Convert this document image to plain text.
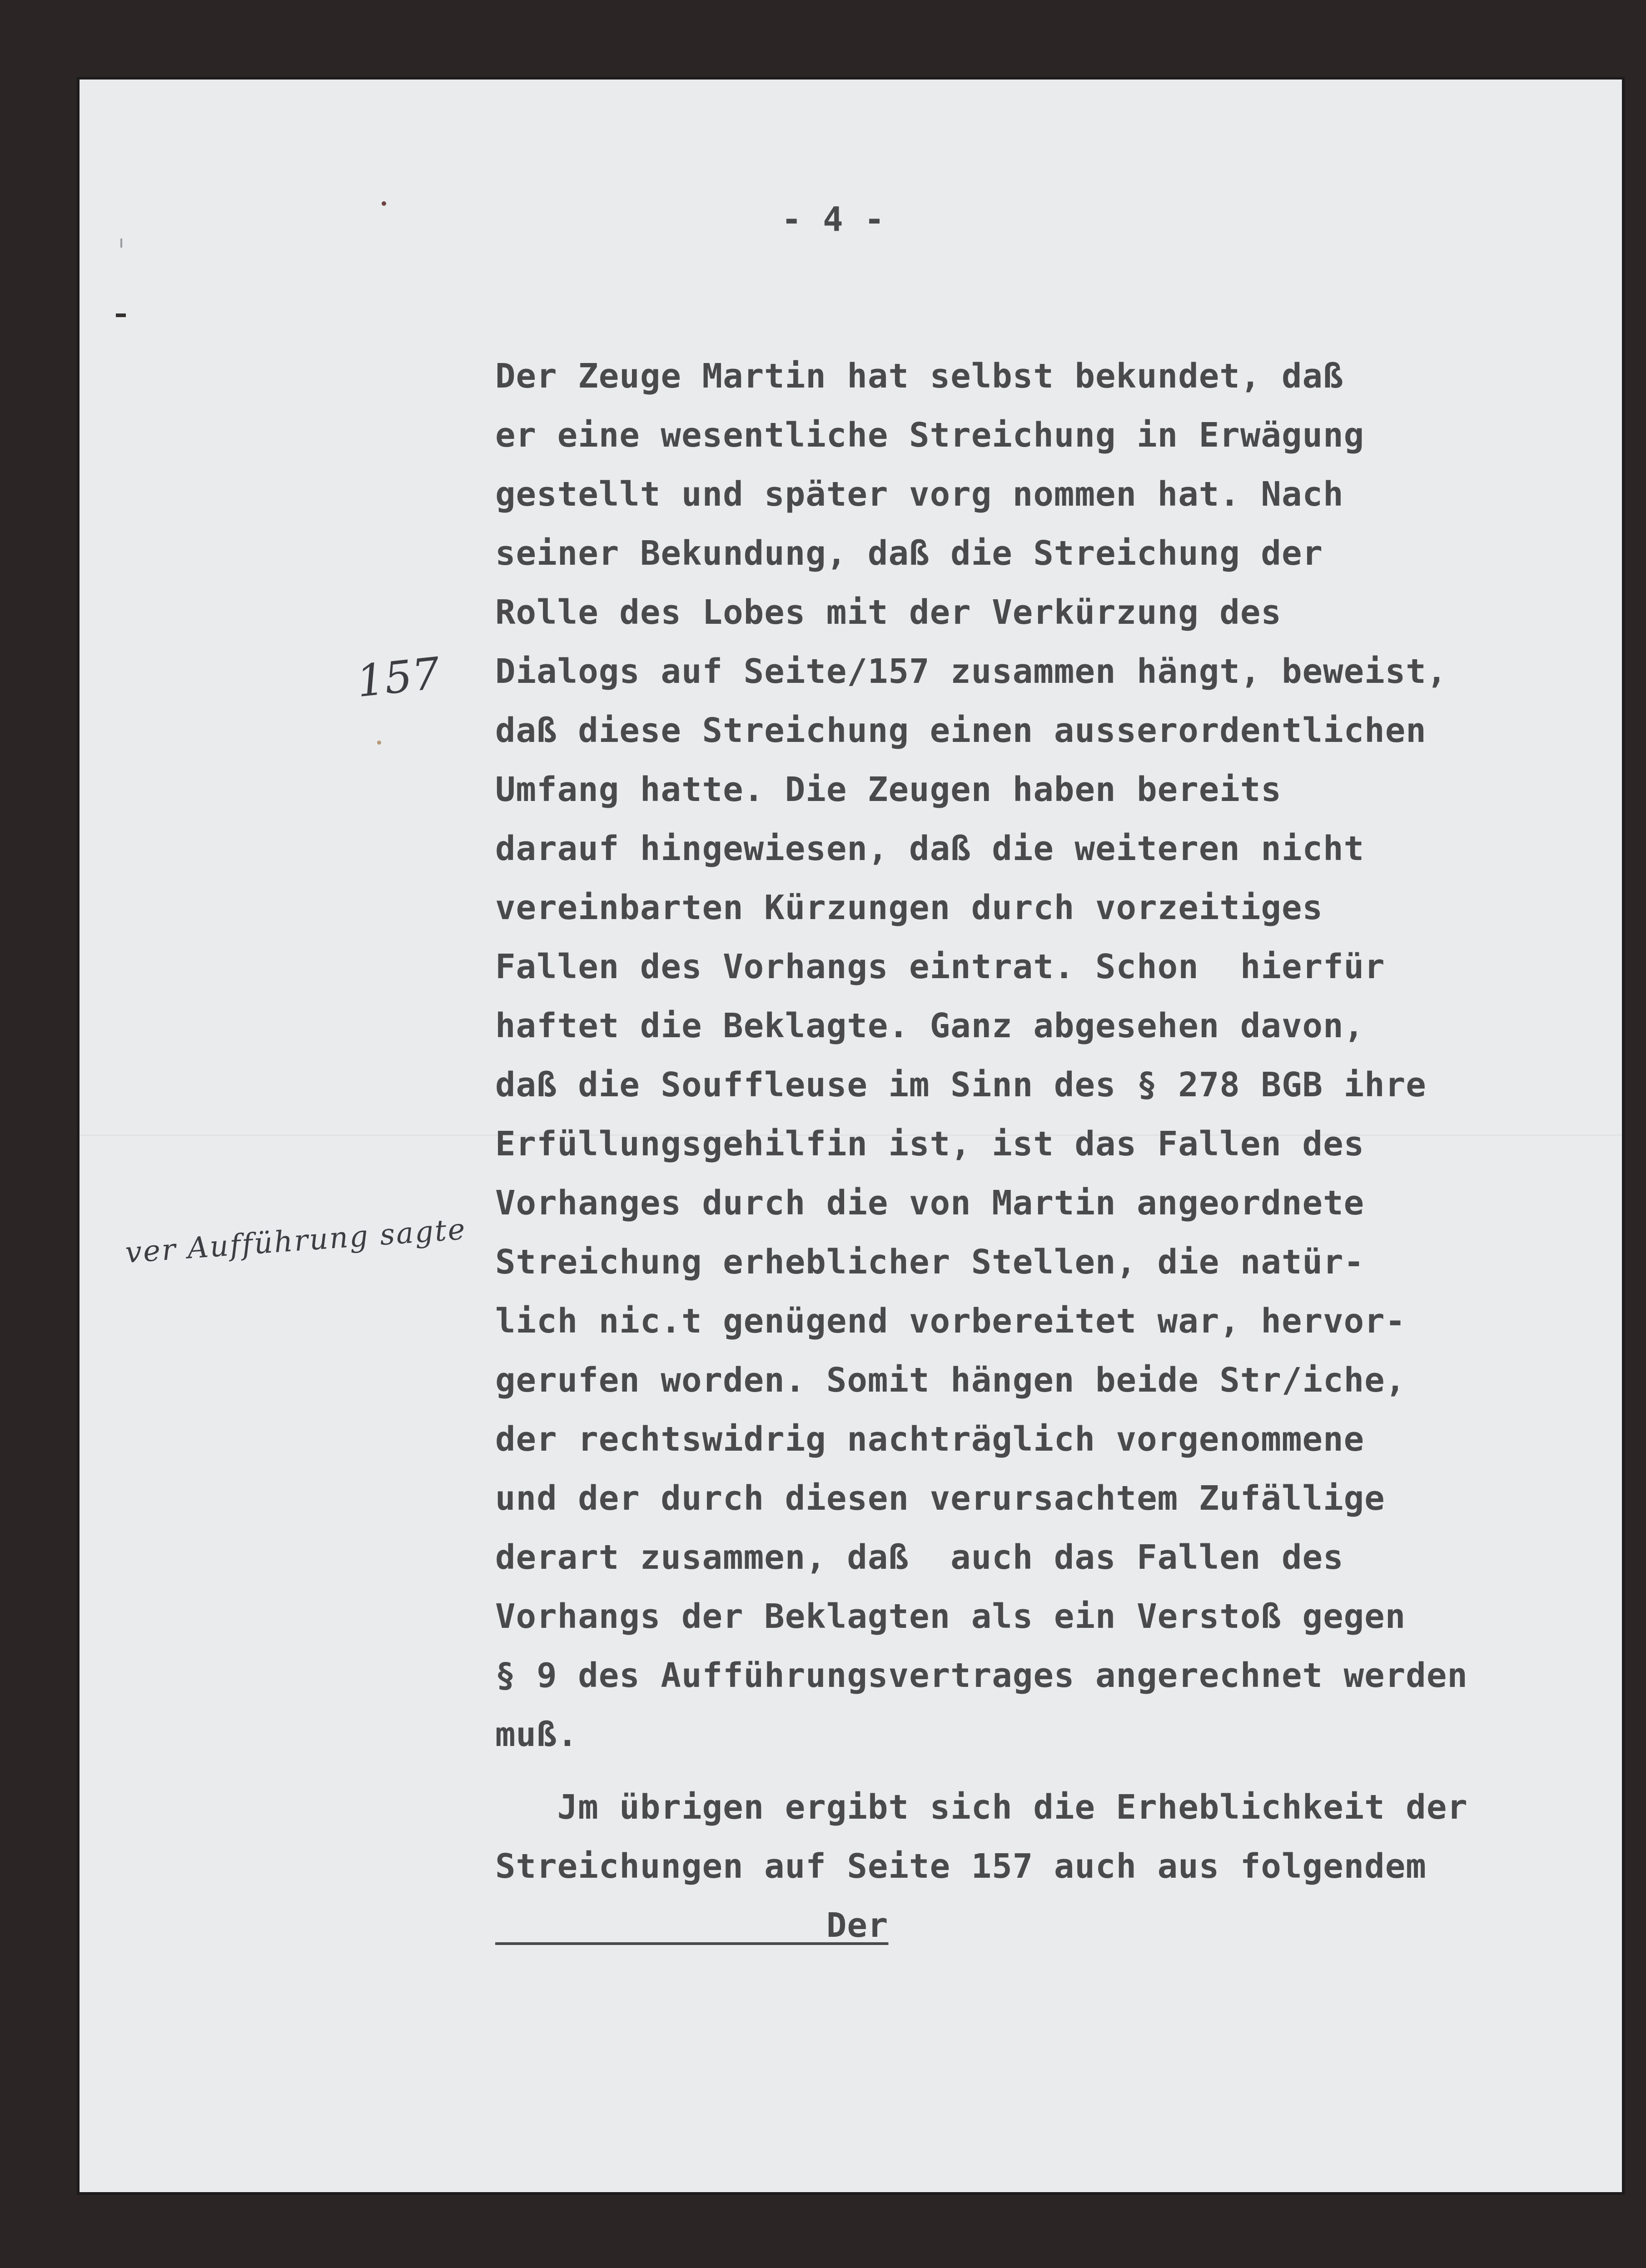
- 4 -
Der Zeuge Martin hat selbst bekundet, daß
er eine wesentliche Streichung in Erwägung
gestellt und später vorg nommen hat. Nach
seiner Bekundung, daß die Streichung der
Rolle des Lobes mit der Verkürzung des
Dialogs auf Seite/157 zusammen hängt, beweist,
daß diese Streichung einen ausserordentlichen
Umfang hatte. Die Zeugen haben bereits
darauf hingewiesen, daß die weiteren nicht
vereinbarten Kürzungen durch vorzeitiges
Fallen des Vorhangs eintrat. Schon  hierfür
haftet die Beklagte. Ganz abgesehen davon,
daß die Souffleuse im Sinn des § 278 BGB ihre
Erfüllungsgehilfin ist, ist das Fallen des
Vorhanges durch die von Martin angeordnete
Streichung erheblicher Stellen, die natür-
lich nic.t genügend vorbereitet war, hervor-
gerufen worden. Somit hängen beide Str/iche,
der rechtswidrig nachträglich vorgenommene
und der durch diesen verursachtem Zufällige
derart zusammen, daß  auch das Fallen des
Vorhangs der Beklagten als ein Verstoß gegen
§ 9 des Aufführungsvertrages angerechnet werden
muß.
Jm übrigen ergibt sich die Erheblichkeit der
Streichungen auf Seite 157 auch aus folgendem
Der
157
ver Aufführung sagte
